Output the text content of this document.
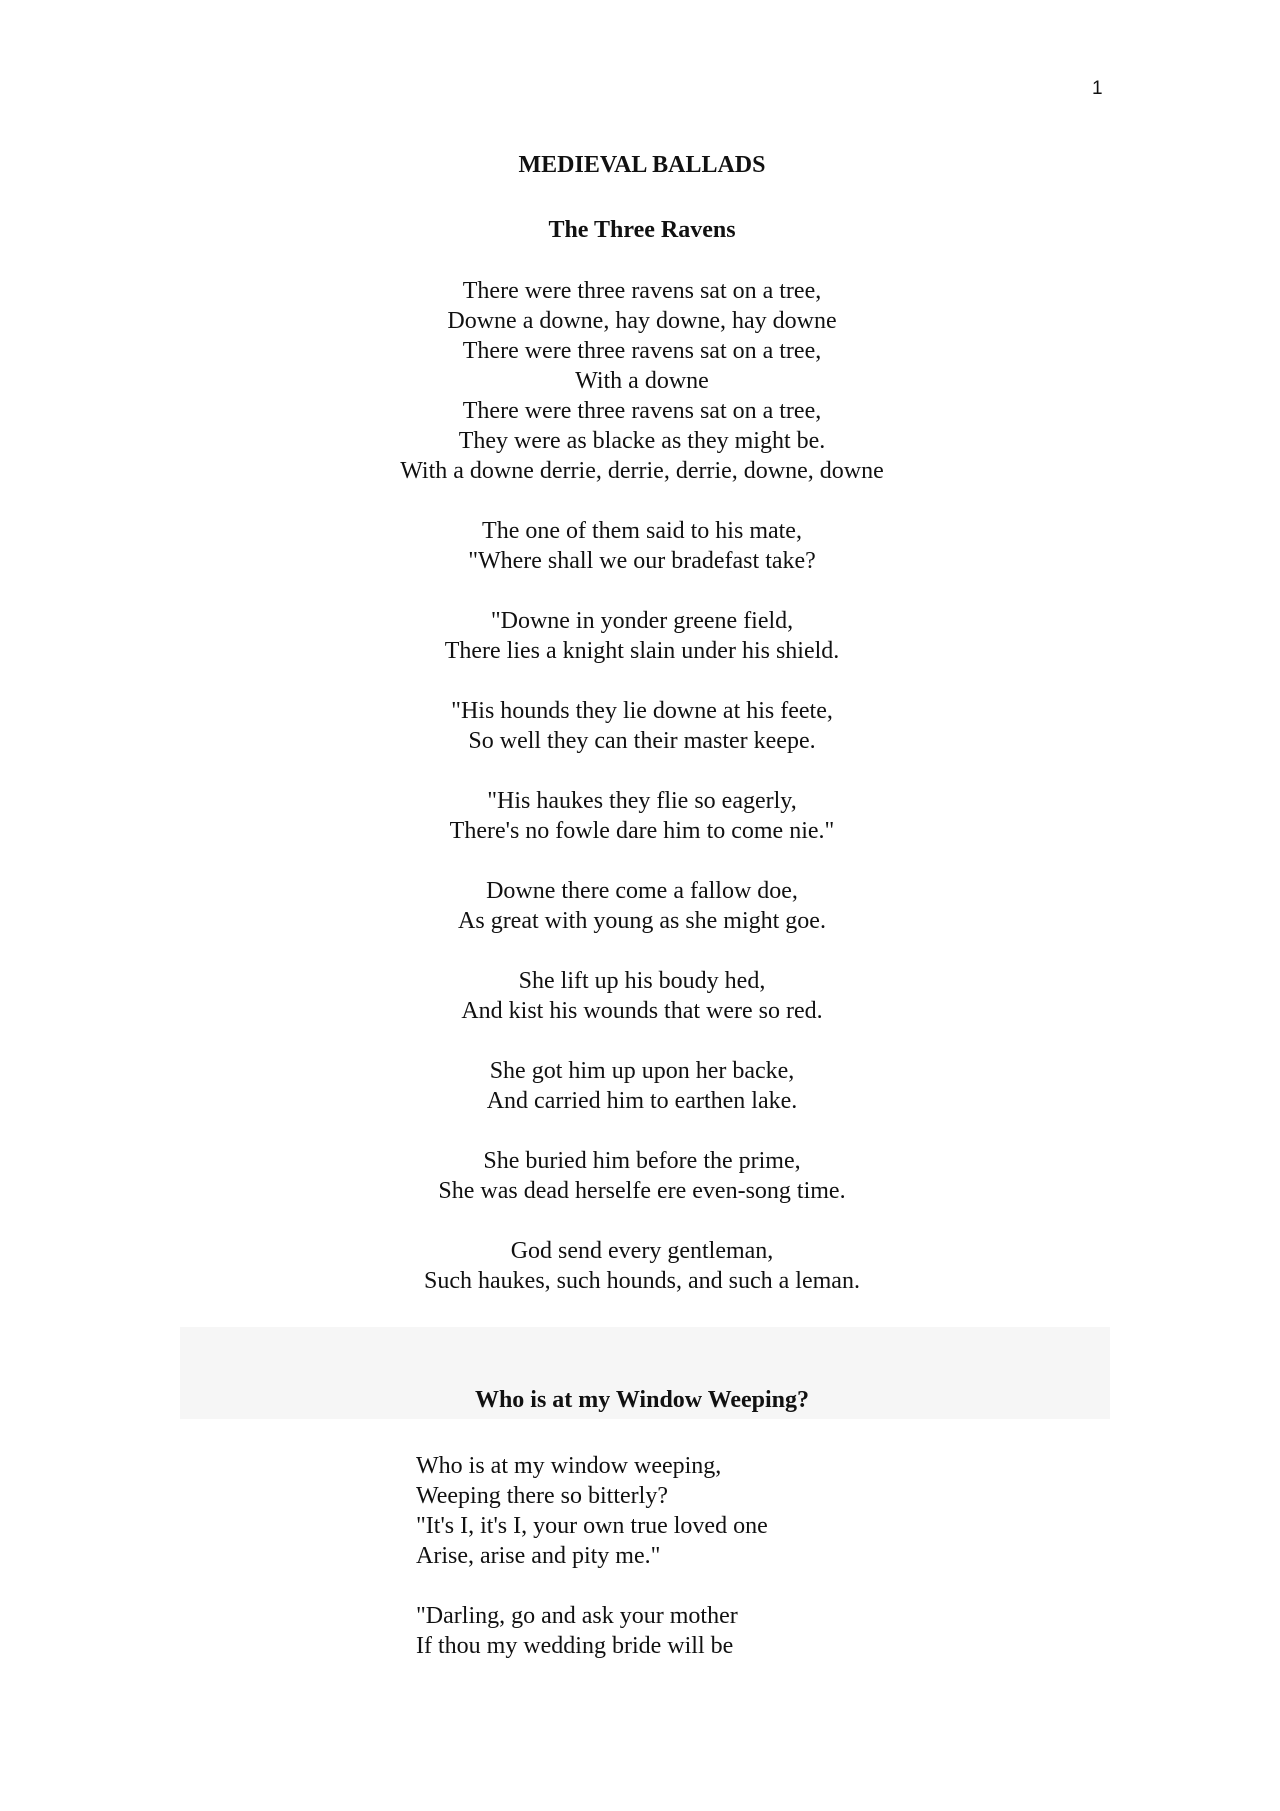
1
MEDIEVAL BALLADS
The Three Ravens
There were three ravens sat on a tree,
Downe a downe, hay downe, hay downe
There were three ravens sat on a tree,
With a downe
There were three ravens sat on a tree,
They were as blacke as they might be.
With a downe derrie, derrie, derrie, downe, downe
The one of them said to his mate,
"Where shall we our bradefast take?
"Downe in yonder greene field,
There lies a knight slain under his shield.
"His hounds they lie downe at his feete,
So well they can their master keepe.
"His haukes they flie so eagerly,
There's no fowle dare him to come nie."
Downe there come a fallow doe,
As great with young as she might goe.
She lift up his boudy hed,
And kist his wounds that were so red.
She got him up upon her backe,
And carried him to earthen lake.
She buried him before the prime,
She was dead herselfe ere even-song time.
God send every gentleman,
Such haukes, such hounds, and such a leman.
Who is at my Window Weeping?
Who is at my window weeping,
Weeping there so bitterly?
"It's I, it's I, your own true loved one
Arise, arise and pity me."
"Darling, go and ask your mother
If thou my wedding bride will be
